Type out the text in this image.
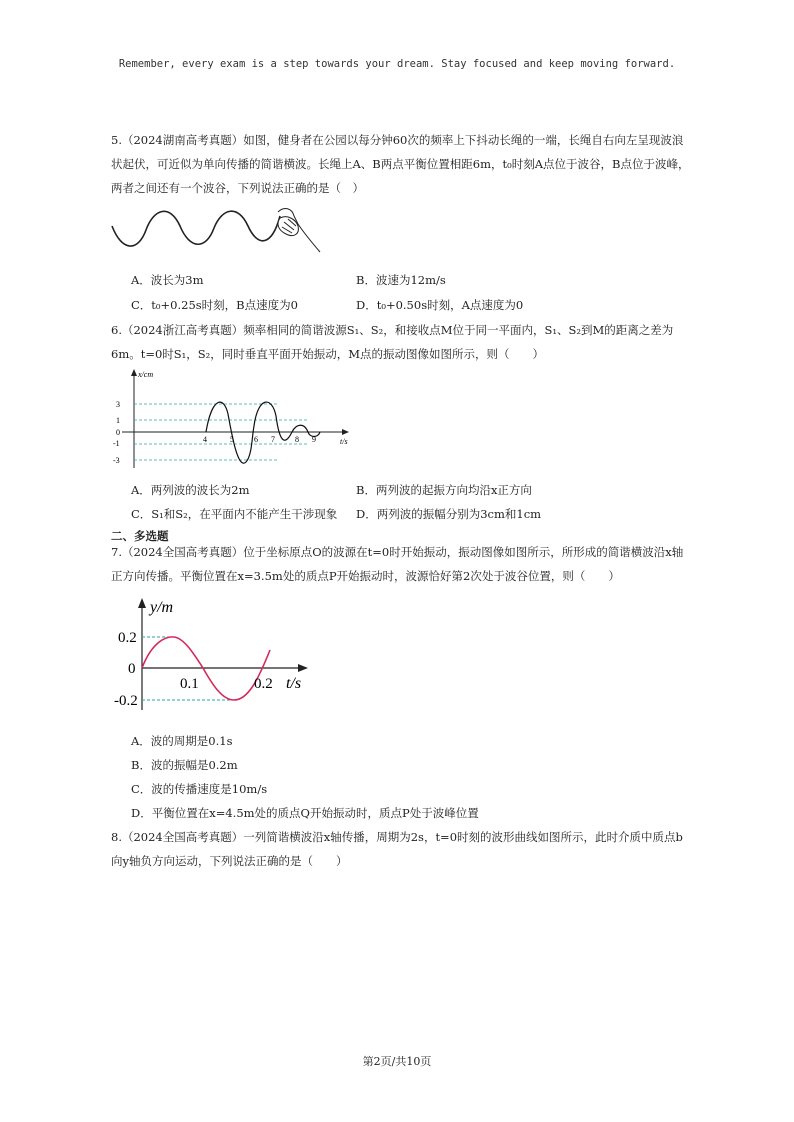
Remember, every exam is a step towards your dream. Stay focused and keep moving forward.
5.（2024湖南高考真题）如图，健身者在公园以每分钟60次的频率上下抖动长绳的一端，长绳自右向左呈现波浪状起伏，可近似为单向传播的简谐横波。长绳上A、B两点平衡位置相距6m，t₀时刻A点位于波谷，B点位于波峰，两者之间还有一个波谷，下列说法正确的是（　）
A．波长为3m	B．波速为12m/s
C．t₀+0.25s时刻，B点速度为0	D．t₀+0.50s时刻，A点速度为0
6.（2024浙江高考真题）频率相同的简谐波源S₁、S₂，和接收点M位于同一平面内，S₁、S₂到M的距离之差为6m。t=0时S₁，S₂，同时垂直平面开始振动，M点的振动图像如图所示，则（　　）
x/cm
t/s
3
1
0
-1
-3
4	5	6 7	8 9
A．两列波的波长为2m	B．两列波的起振方向均沿x正方向
C．S₁和S₂，在平面内不能产生干涉现象 D．两列波的振幅分别为3cm和1cm
二、多选题
7.（2024全国高考真题）位于坐标原点O的波源在t=0时开始振动，振动图像如图所示，所形成的简谐横波沿x轴正方向传播。平衡位置在x=3.5m处的质点P开始振动时，波源恰好第2次处于波谷位置，则（　　）
y/m
t/s
0.2
0
-0.2
0.1	0.2
A．波的周期是0.1s
B．波的振幅是0.2m
C．波的传播速度是10m/s
D．平衡位置在x=4.5m处的质点Q开始振动时，质点P处于波峰位置
8.（2024全国高考真题）一列简谐横波沿x轴传播，周期为2s，t=0时刻的波形曲线如图所示，此时介质中质点b向y轴负方向运动，下列说法正确的是（　　）
第2页/共10页
